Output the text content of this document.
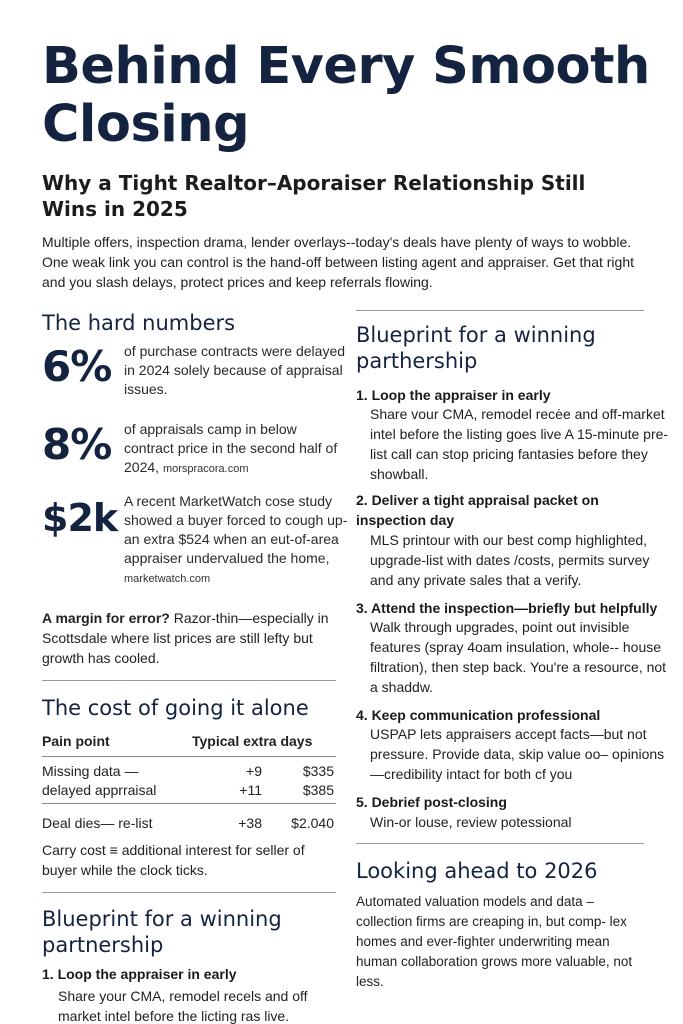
Behind Every Smooth Closing
Why a Tight Realtor–Aporaiser Relationship Still Wins in 2025
Multiple offers, inspection drama, lender overlays--today's deals have plenty of ways to wobble. One weak link you can control is the hand-off between listing agent and appraiser. Get that right and you slash delays, protect prices and keep referrals flowing.
The hard numbers
6% of purchase contracts were delayed in 2024 solely because of appraisal issues.
8% of appraisals camp in below contract price in the second half of 2024, morspracora.com
$2k A recent MarketWatch cose study showed a buyer forced to cough up-an extra $524 when an eut-of-area appraiser undervalued the home, marketwatch.com
A margin for error? Razor-thin—especially in Scottsdale where list prices are still lefty but growth has cooled.
The cost of going it alone
Pain point	Typical extra days
Missing data —	+9	$335
delayed apprraisal	+11	$385
Deal dies— re-list	+38	$2.040
Carry cost ≡ additional interest for seller of buyer while the clock ticks.
Blueprint for a winning partnership
1. Loop the appraiser in early
Share your CMA, remodel recels and off market intel before the licting ras live.
Blueprint for a winning parthership
1. Loop the appraiser in early
Share vour CMA, remodel recėe and off-market intel before the listing goes live A 15-minute pre-list call can stop pricing fantasies before they showball.
2. Deliver a tight appraisal packet on inspection day
MLS printour with our best comp highlighted, upgrade-list with dates /costs, permits survey and any private sales that a verify.
3. Attend the inspection—briefly but helpfully
Walk through upgrades, point out invisible features (spray 4oam insulation, whole-- house filtration), then step back. You're a resource, not a shaddw.
4. Keep communication professional
USPAP lets appraisers accept facts—but not pressure. Provide data, skip value oo– opinions—credibility intact for both cf you
5. Debrief post-closing
Win-or louse, review potessional
Looking ahead to 2026
Automated valuation models and data – collection firms are creaping in, but comp- lex homes and ever-fighter underwriting mean human collaboration grows more valuable, not less.
